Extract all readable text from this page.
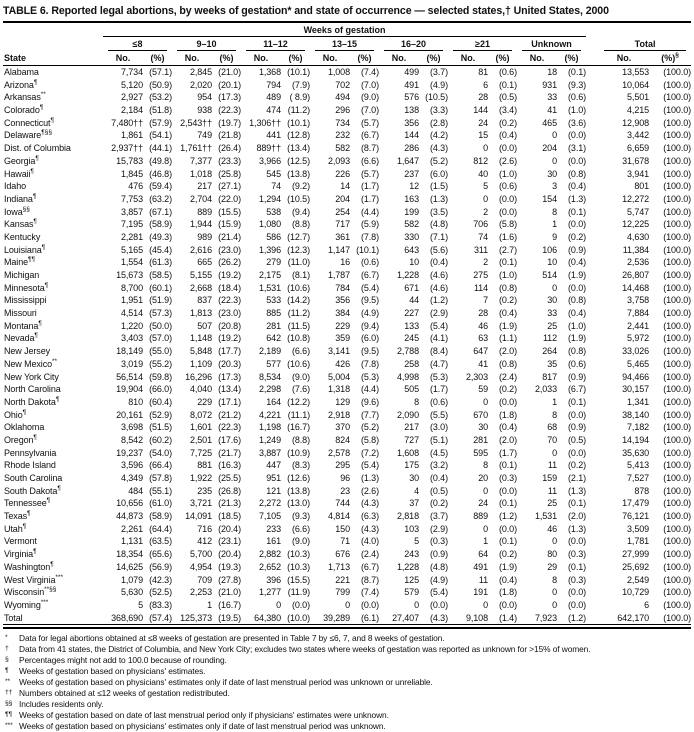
TABLE 6. Reported legal abortions, by weeks of gestation* and state of occurrence — selected states,† United States, 2000
	Weeks of gestation																

	≤8		9–10		11–12		13–15		16–20		≥21		Unknown			Total	

State	No.	(%)	No.	(%)	No.	(%)	No.	(%)	No.	(%)	No.	(%)	No.	(%)		No.	(%)§
Alabama	7,734	(57.1)	2,845	(21.0)	1,368	(10.1)	1,008	(7.4)	499	(3.7)	81	(0.6)	18	(0.1)		13,553	(100.0)
Arizona¶	5,120	(50.9)	2,020	(20.1)	794	(7.9)	702	(7.0)	491	(4.9)	6	(0.1)	931	(9.3)		10,064	(100.0)
Arkansas**	2,927	(53.2)	954	(17.3)	489	( 8.9)	494	(9.0)	576	(10.5)	28	(0.5)	33	(0.6)		5,501	(100.0)
Colorado¶	2,184	(51.8)	938	(22.3)	474	(11.2)	296	(7.0)	138	(3.3)	144	(3.4)	41	(1.0)		4,215	(100.0)
Connecticut¶	7,480††	(57.9)	2,543††	(19.7)	1,306††	(10.1)	734	(5.7)	356	(2.8)	24	(0.2)	465	(3.6)		12,908	(100.0)
Delaware¶§§	1,861	(54.1)	749	(21.8)	441	(12.8)	232	(6.7)	144	(4.2)	15	(0.4)	0	(0.0)		3,442	(100.0)
Dist. of Columbia	2,937††	(44.1)	1,761††	(26.4)	889††	(13.4)	582	(8.7)	286	(4.3)	0	(0.0)	204	(3.1)		6,659	(100.0)
Georgia¶	15,783	(49.8)	7,377	(23.3)	3,966	(12.5)	2,093	(6.6)	1,647	(5.2)	812	(2.6)	0	(0.0)		31,678	(100.0)
Hawaii¶	1,845	(46.8)	1,018	(25.8)	545	(13.8)	226	(5.7)	237	(6.0)	40	(1.0)	30	(0.8)		3,941	(100.0)
Idaho	476	(59.4)	217	(27.1)	74	(9.2)	14	(1.7)	12	(1.5)	5	(0.6)	3	(0.4)		801	(100.0)
Indiana¶	7,753	(63.2)	2,704	(22.0)	1,294	(10.5)	204	(1.7)	163	(1.3)	0	(0.0)	154	(1.3)		12,272	(100.0)
Iowa§§	3,857	(67.1)	889	(15.5)	538	(9.4)	254	(4.4)	199	(3.5)	2	(0.0)	8	(0.1)		5,747	(100.0)
Kansas¶	7,195	(58.9)	1,944	(15.9)	1,080	(8.8)	717	(5.9)	582	(4.8)	706	(5.8)	1	(0.0)		12,225	(100.0)
Kentucky	2,281	(49.3)	989	(21.4)	586	(12.7)	361	(7.8)	330	(7.1)	74	(1.6)	9	(0.2)		4,630	(100.0)
Louisiana¶	5,165	(45.4)	2,616	(23.0)	1,396	(12.3)	1,147	(10.1)	643	(5.6)	311	(2.7)	106	(0.9)		11,384	(100.0)
Maine¶¶	1,554	(61.3)	665	(26.2)	279	(11.0)	16	(0.6)	10	(0.4)	2	(0.1)	10	(0.4)		2,536	(100.0)
Michigan	15,673	(58.5)	5,155	(19.2)	2,175	(8.1)	1,787	(6.7)	1,228	(4.6)	275	(1.0)	514	(1.9)		26,807	(100.0)
Minnesota¶	8,700	(60.1)	2,668	(18.4)	1,531	(10.6)	784	(5.4)	671	(4.6)	114	(0.8)	0	(0.0)		14,468	(100.0)
Mississippi	1,951	(51.9)	837	(22.3)	533	(14.2)	356	(9.5)	44	(1.2)	7	(0.2)	30	(0.8)		3,758	(100.0)
Missouri	4,514	(57.3)	1,813	(23.0)	885	(11.2)	384	(4.9)	227	(2.9)	28	(0.4)	33	(0.4)		7,884	(100.0)
Montana¶	1,220	(50.0)	507	(20.8)	281	(11.5)	229	(9.4)	133	(5.4)	46	(1.9)	25	(1.0)		2,441	(100.0)
Nevada¶	3,403	(57.0)	1,148	(19.2)	642	(10.8)	359	(6.0)	245	(4.1)	63	(1.1)	112	(1.9)		5,972	(100.0)
New Jersey	18,149	(55.0)	5,848	(17.7)	2,189	(6.6)	3,141	(9.5)	2,788	(8.4)	647	(2.0)	264	(0.8)		33,026	(100.0)
New Mexico**	3,019	(55.2)	1,109	(20.3)	577	(10.6)	426	(7.8)	258	(4.7)	41	(0.8)	35	(0.6)		5,465	(100.0)
New York City	56,514	(59.8)	16,296	(17.3)	8,534	(9.0)	5,004	(5.3)	4,998	(5.3)	2,303	(2.4)	817	(0.9)		94,466	(100.0)
North Carolina	19,904	(66.0)	4,040	(13.4)	2,298	(7.6)	1,318	(4.4)	505	(1.7)	59	(0.2)	2,033	(6.7)		30,157	(100.0)
North Dakota¶	810	(60.4)	229	(17.1)	164	(12.2)	129	(9.6)	8	(0.6)	0	(0.0)	1	(0.1)		1,341	(100.0)
Ohio¶	20,161	(52.9)	8,072	(21.2)	4,221	(11.1)	2,918	(7.7)	2,090	(5.5)	670	(1.8)	8	(0.0)		38,140	(100.0)
Oklahoma	3,698	(51.5)	1,601	(22.3)	1,198	(16.7)	370	(5.2)	217	(3.0)	30	(0.4)	68	(0.9)		7,182	(100.0)
Oregon¶	8,542	(60.2)	2,501	(17.6)	1,249	(8.8)	824	(5.8)	727	(5.1)	281	(2.0)	70	(0.5)		14,194	(100.0)
Pennsylvania	19,237	(54.0)	7,725	(21.7)	3,887	(10.9)	2,578	(7.2)	1,608	(4.5)	595	(1.7)	0	(0.0)		35,630	(100.0)
Rhode Island	3,596	(66.4)	881	(16.3)	447	(8.3)	295	(5.4)	175	(3.2)	8	(0.1)	11	(0.2)		5,413	(100.0)
South Carolina	4,349	(57.8)	1,922	(25.5)	951	(12.6)	96	(1.3)	30	(0.4)	20	(0.3)	159	(2.1)		7,527	(100.0)
South Dakota¶	484	(55.1)	235	(26.8)	121	(13.8)	23	(2.6)	4	(0.5)	0	(0.0)	11	(1.3)		878	(100.0)
Tennessee¶	10,656	(61.0)	3,721	(21.3)	2,272	(13.0)	744	(4.3)	37	(0.2)	24	(0.1)	25	(0.1)		17,479	(100.0)
Texas¶	44,873	(58.9)	14,091	(18.5)	7,105	(9.3)	4,814	(6.3)	2,818	(3.7)	889	(1.2)	1,531	(2.0)		76,121	(100.0)
Utah¶	2,261	(64.4)	716	(20.4)	233	(6.6)	150	(4.3)	103	(2.9)	0	(0.0)	46	(1.3)		3,509	(100.0)
Vermont	1,131	(63.5)	412	(23.1)	161	(9.0)	71	(4.0)	5	(0.3)	1	(0.1)	0	(0.0)		1,781	(100.0)
Virginia¶	18,354	(65.6)	5,700	(20.4)	2,882	(10.3)	676	(2.4)	243	(0.9)	64	(0.2)	80	(0.3)		27,999	(100.0)
Washington¶	14,625	(56.9)	4,954	(19.3)	2,652	(10.3)	1,713	(6.7)	1,228	(4.8)	491	(1.9)	29	(0.1)		25,692	(100.0)
West Virginia***	1,079	(42.3)	709	(27.8)	396	(15.5)	221	(8.7)	125	(4.9)	11	(0.4)	8	(0.3)		2,549	(100.0)
Wisconsin**§§	5,630	(52.5)	2,253	(21.0)	1,277	(11.9)	799	(7.4)	579	(5.4)	191	(1.8)	0	(0.0)		10,729	(100.0)
Wyoming***	5	(83.3)	1	(16.7)	0	(0.0)	0	(0.0)	0	(0.0)	0	(0.0)	0	(0.0)		6	(100.0)
Total	368,690	(57.4)	125,373	(19.5)	64,380	(10.0)	39,289	(6.1)	27,407	(4.3)	9,108	(1.4)	7,923	(1.2)		642,170	(100.0)
*	Data for legal abortions obtained at ≤8 weeks of gestation are presented in Table 7 by ≤6, 7, and 8 weeks of gestation.
†	Data from 41 states, the District of Columbia, and New York City; excludes two states where weeks of gestation was reported as unknown for >15% of women.
§	Percentages might not add to 100.0 because of rounding.
¶	Weeks of gestation based on physicians' estimates.
**	Weeks of gestation based on physicians' estimates only if date of last menstrual period was unknown or unreliable.
†† Numbers obtained at ≤12 weeks of gestation redistributed.
§§ Includes residents only.
¶¶ Weeks of gestation based on date of last menstrual period only if physicians' estimates were unknown.
*** Weeks of gestation based on physicians' estimates only if date of last menstrual period was unknown.
